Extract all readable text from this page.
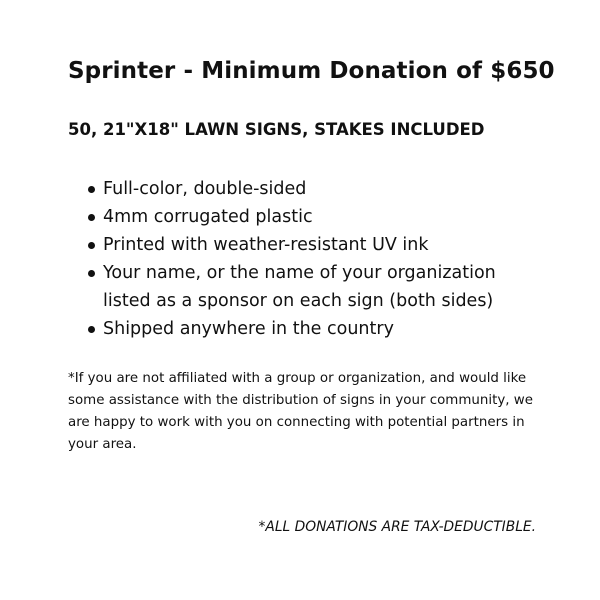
Sprinter - Minimum Donation of $650
50, 21"X18" LAWN SIGNS, STAKES INCLUDED
Full-color, double-sided
4mm corrugated plastic
Printed with weather-resistant UV ink
Your name, or the name of your organization listed as a sponsor on each sign (both sides)
Shipped anywhere in the country
*If you are not affiliated with a group or organization, and would like some assistance with the distribution of signs in your community, we are happy to work with you on connecting with potential partners in your area.
*ALL DONATIONS ARE TAX-DEDUCTIBLE.
